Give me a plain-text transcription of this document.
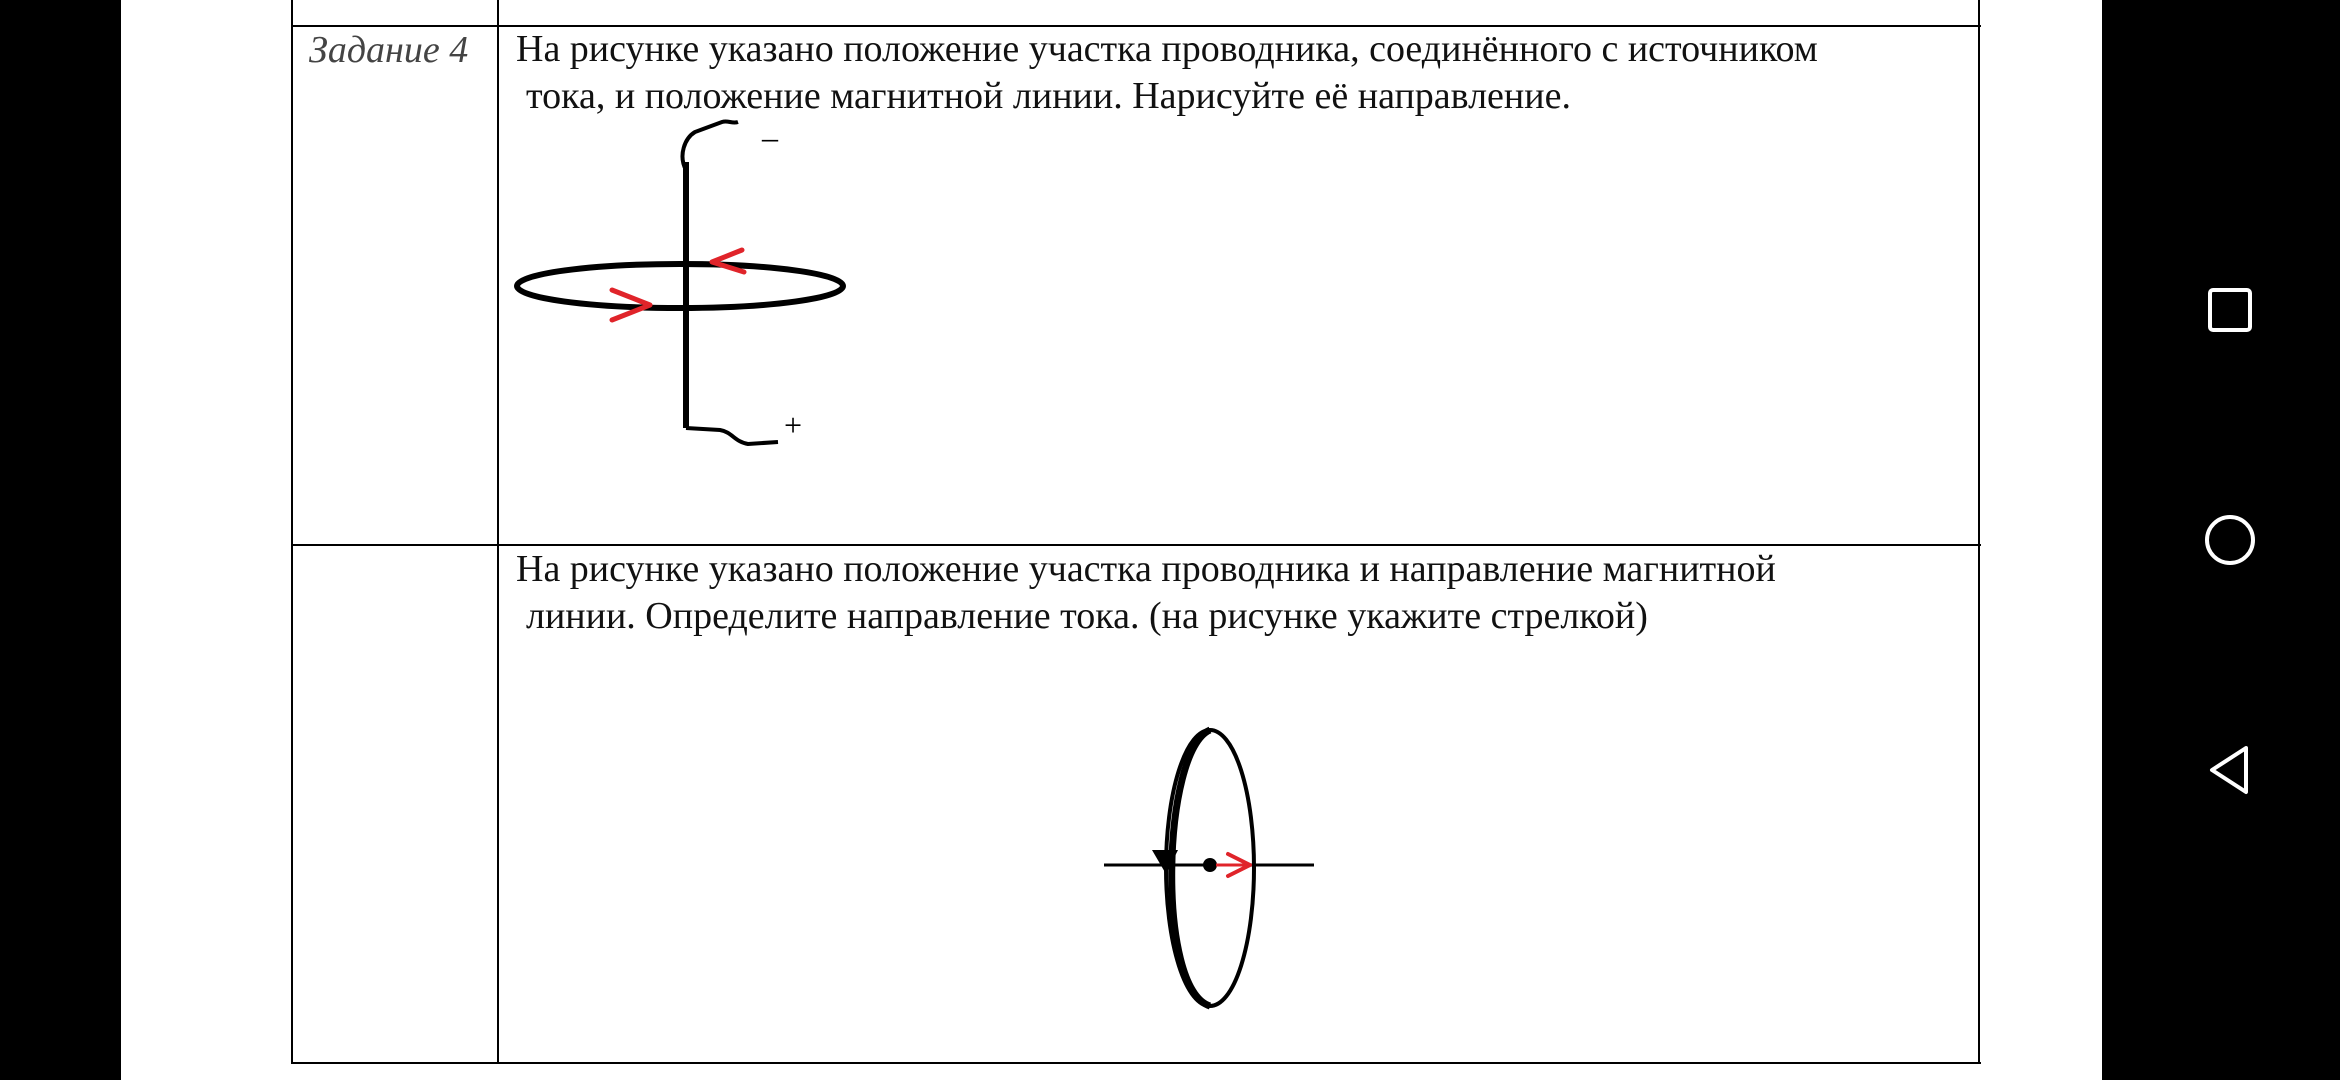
Задание 4 На рисунке указано положение участка проводника, соединённого с источником
тока, и положение магнитной линии. Нарисуйте её направление.
–
+
На рисунке указано положение участка проводника и направление магнитной
линии. Определите направление тока. (на рисунке укажите стрелкой)
